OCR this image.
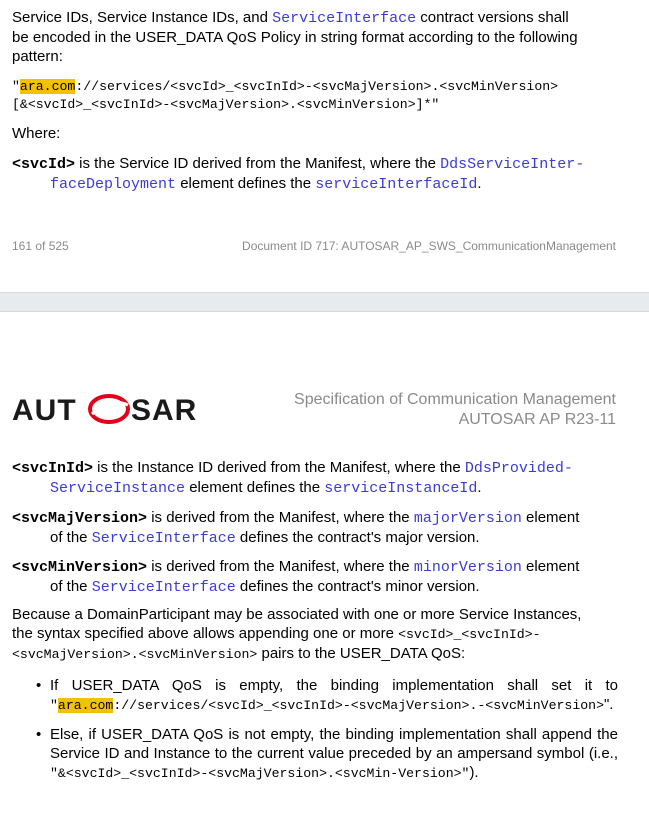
Service IDs, Service Instance IDs, and ServiceInterface contract versions shall
be encoded in the USER_DATA QoS Policy in string format according to the following
pattern:
"ara.com://services/<svcId>_<svcInId>-<svcMajVersion>.<svcMinVersion>
[&<svcId>_<svcInId>-<svcMajVersion>.<svcMinVersion>]*"
Where:
<svcId> is the Service ID derived from the Manifest, where the DdsServiceInter-
faceDeployment element defines the serviceInterfaceId.
161 of 525	Document ID 717: AUTOSAR_AP_SWS_CommunicationManagement
AUT SAR	Specification of Communication Management
AUTOSAR AP R23-11
<svcInId> is the Instance ID derived from the Manifest, where the DdsProvided-
ServiceInstance element defines the serviceInstanceId.
<svcMajVersion> is derived from the Manifest, where the majorVersion element
of the ServiceInterface defines the contract's major version.
<svcMinVersion> is derived from the Manifest, where the minorVersion element
of the ServiceInterface defines the contract's minor version.
Because a DomainParticipant may be associated with one or more Service Instances,
the syntax specified above allows appending one or more <svcId>_<svcInId>-
<svcMajVersion>.<svcMinVersion> pairs to the USER_DATA QoS:
• If USER_DATA QoS is empty, the binding implementation shall set it to "ara.com://services/<svcId>_<svcInId>-<svcMajVersion>.-<svcMinVersion>".
• Else, if USER_DATA QoS is not empty, the binding implementation shall append the Service ID and Instance to the current value preceded by an ampersand symbol (i.e., "&<svcId>_<svcInId>-<svcMajVersion>.<svcMin-Version>").
